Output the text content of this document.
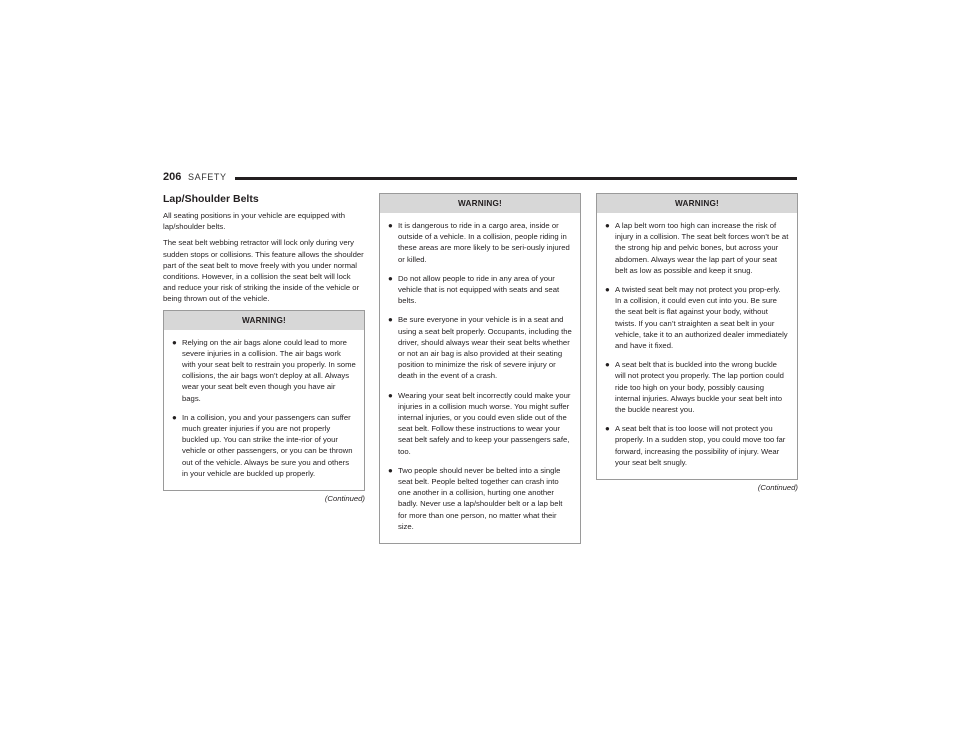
206 SAFETY
Lap/Shoulder Belts

All seating positions in your vehicle are equipped with lap/shoulder belts.

The seat belt webbing retractor will lock only during very sudden stops or collisions. This feature allows the shoulder part of the seat belt to move freely with you under normal conditions. However, in a collision the seat belt will lock and reduce your risk of striking the inside of the vehicle or being thrown out of the vehicle.

WARNING!
● Relying on the air bags alone could lead to more severe injuries in a collision. The air bags work with your seat belt to restrain you properly. In some collisions, the air bags won’t deploy at all. Always wear your seat belt even though you have air bags.
● In a collision, you and your passengers can suffer much greater injuries if you are not properly buckled up. You can strike the inte-rior of your vehicle or other passengers, or you can be thrown out of the vehicle. Always be sure you and others in your vehicle are buckled up properly.
(Continued)
WARNING!
● It is dangerous to ride in a cargo area, inside or outside of a vehicle. In a collision, people riding in these areas are more likely to be seri-ously injured or killed.
● Do not allow people to ride in any area of your vehicle that is not equipped with seats and seat belts.
● Be sure everyone in your vehicle is in a seat and using a seat belt properly. Occupants, including the driver, should always wear their seat belts whether or not an air bag is also provided at their seating position to minimize the risk of severe injury or death in the event of a crash.
● Wearing your seat belt incorrectly could make your injuries in a collision much worse. You might suffer internal injuries, or you could even slide out of the seat belt. Follow these instructions to wear your seat belt safely and to keep your passengers safe, too.
● Two people should never be belted into a single seat belt. People belted together can crash into one another in a collision, hurting one another badly. Never use a lap/shoulder belt or a lap belt for more than one person, no matter what their size.
WARNING!
● A lap belt worn too high can increase the risk of injury in a collision. The seat belt forces won’t be at the strong hip and pelvic bones, but across your abdomen. Always wear the lap part of your seat belt as low as possible and keep it snug.
● A twisted seat belt may not protect you prop-erly. In a collision, it could even cut into you. Be sure the seat belt is flat against your body, without twists. If you can’t straighten a seat belt in your vehicle, take it to an authorized dealer immediately and have it fixed.
● A seat belt that is buckled into the wrong buckle will not protect you properly. The lap portion could ride too high on your body, possibly causing internal injuries. Always buckle your seat belt into the buckle nearest you.
● A seat belt that is too loose will not protect you properly. In a sudden stop, you could move too far forward, increasing the possibility of injury. Wear your seat belt snugly.
(Continued)
